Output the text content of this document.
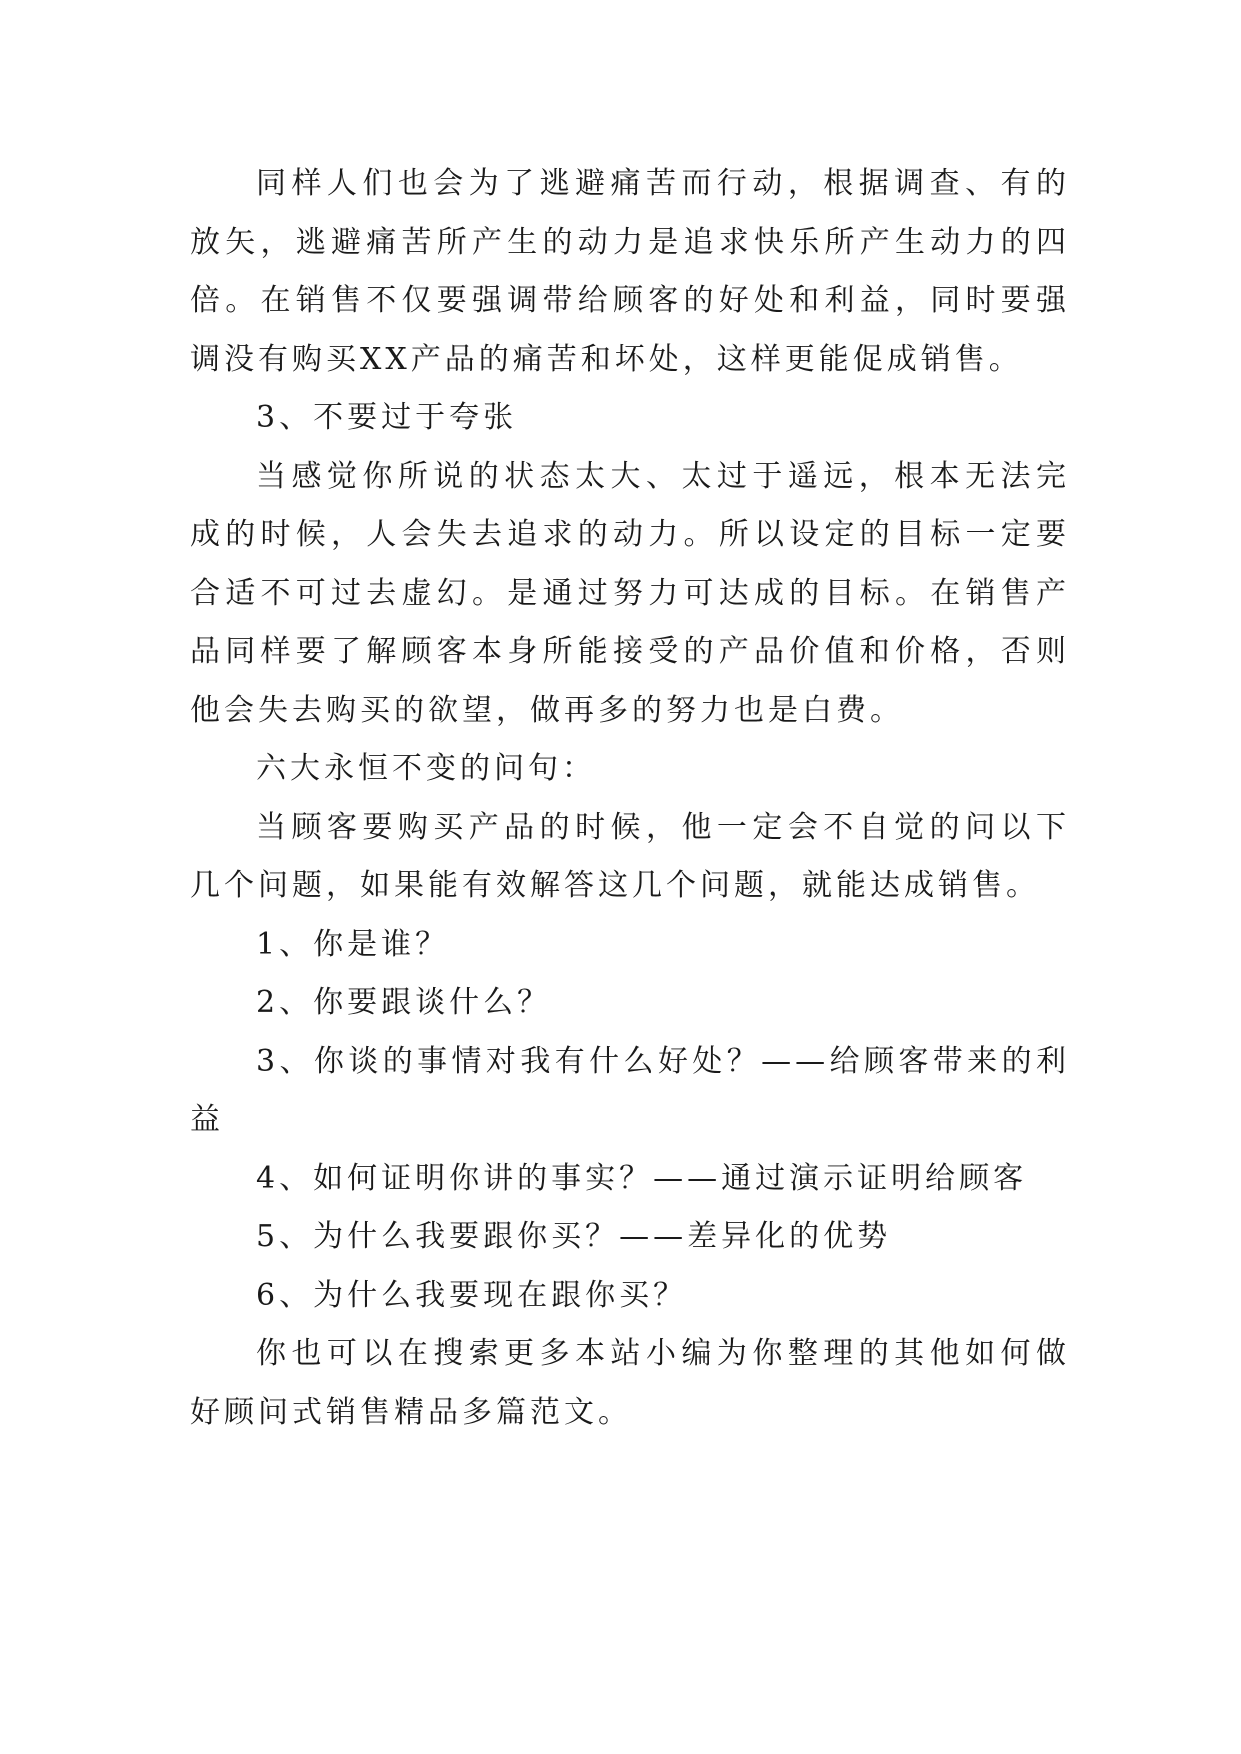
同样人们也会为了逃避痛苦而行动，根据调查、有的放矢，逃避痛苦所产生的动力是追求快乐所产生动力的四倍。在销售不仅要强调带给顾客的好处和利益，同时要强调没有购买XX产品的痛苦和坏处，这样更能促成销售。

3、不要过于夸张

当感觉你所说的状态太大、太过于遥远，根本无法完成的时候，人会失去追求的动力。所以设定的目标一定要合适不可过去虚幻。是通过努力可达成的目标。在销售产品同样要了解顾客本身所能接受的产品价值和价格，否则他会失去购买的欲望，做再多的努力也是白费。

六大永恒不变的问句：

当顾客要购买产品的时候，他一定会不自觉的问以下几个问题，如果能有效解答这几个问题，就能达成销售。

1、你是谁？

2、你要跟谈什么？

3、你谈的事情对我有什么好处？——给顾客带来的利益

4、如何证明你讲的事实？——通过演示证明给顾客

5、为什么我要跟你买？——差异化的优势

6、为什么我要现在跟你买？

你也可以在搜索更多本站小编为你整理的其他如何做好顾问式销售精品多篇范文。
